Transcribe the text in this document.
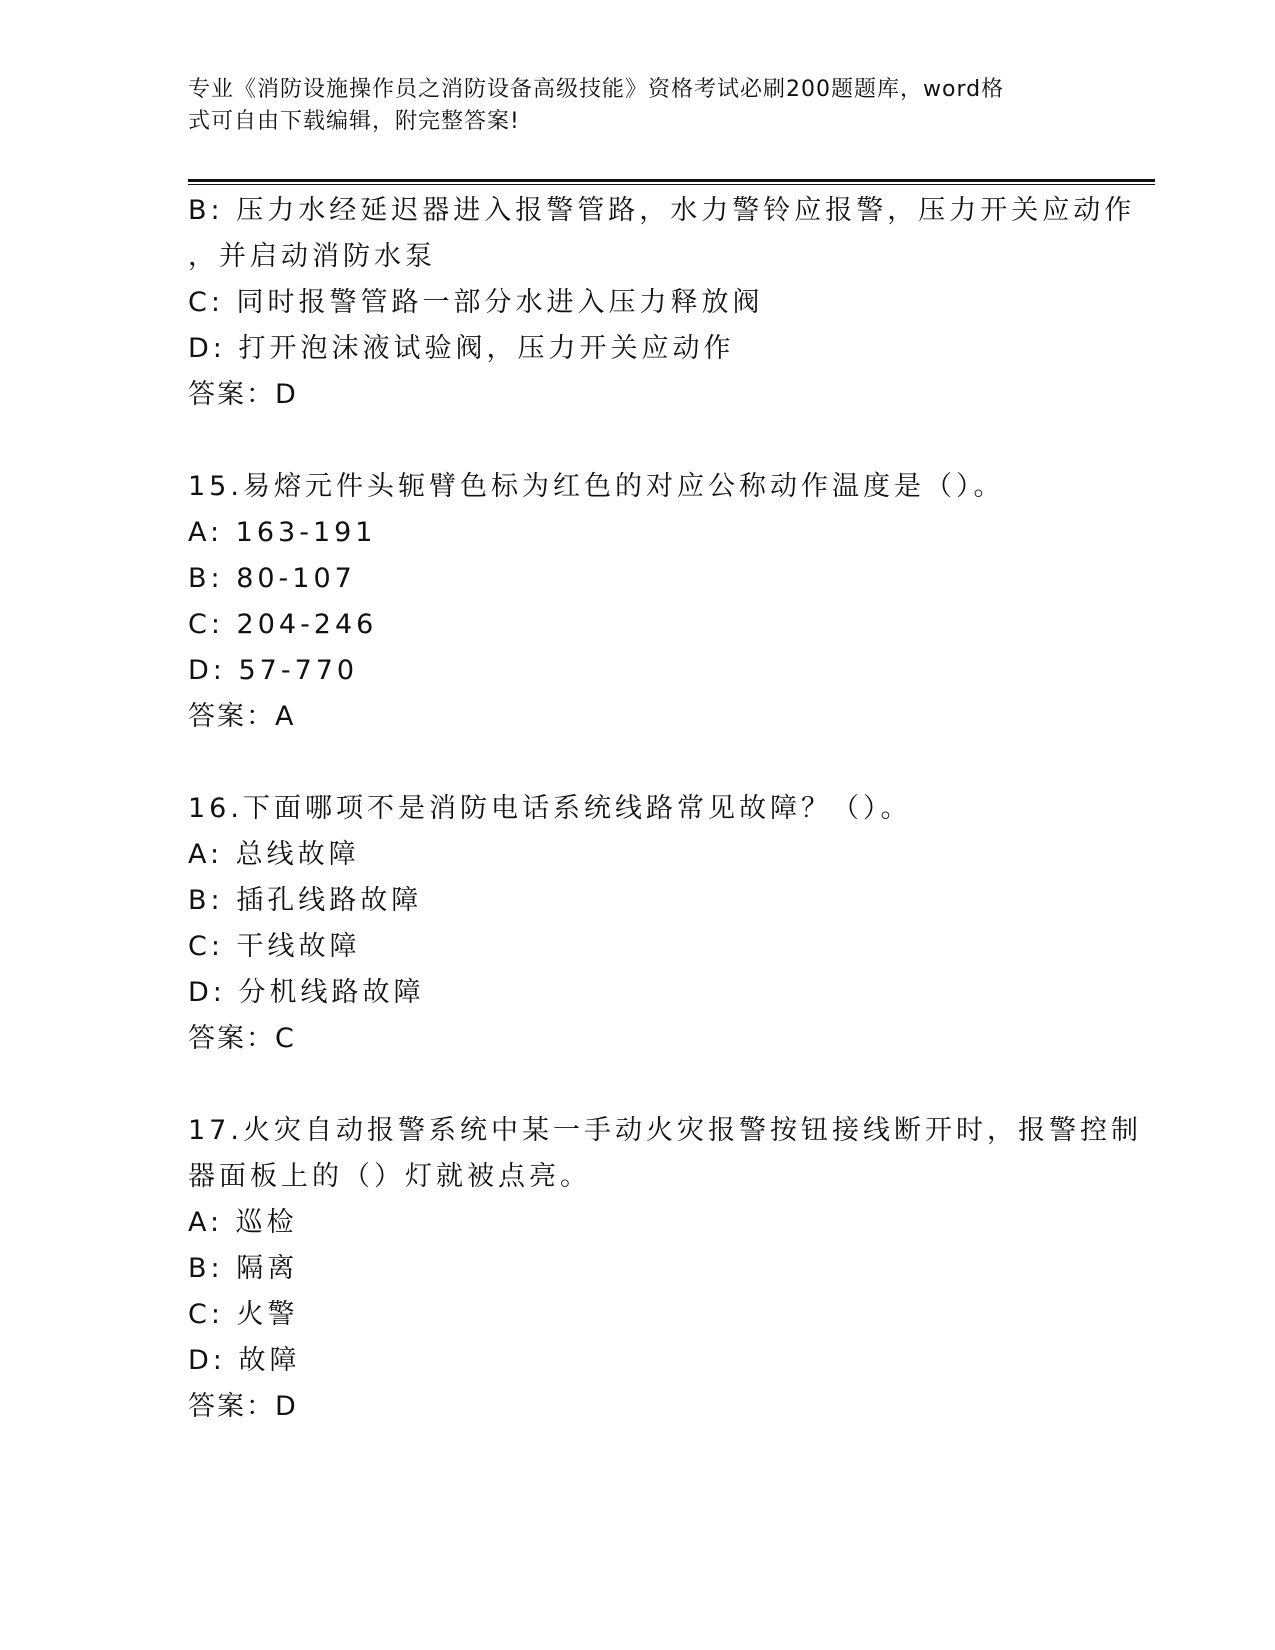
专业《消防设施操作员之消防设备高级技能》资格考试必刷200题题库，word格
式可自由下载编辑，附完整答案!
B: 压力水经延迟器进入报警管路，水力警铃应报警，压力开关应动作
，并启动消防水泵
C: 同时报警管路一部分水进入压力释放阀
D: 打开泡沫液试验阀，压力开关应动作
答案：D
15.易熔元件头轭臂色标为红色的对应公称动作温度是（）。
A: 163-191
B: 80-107
C: 204-246
D: 57-770
答案：A
16.下面哪项不是消防电话系统线路常见故障？（）。
A: 总线故障
B: 插孔线路故障
C: 干线故障
D: 分机线路故障
答案：C
17.火灾自动报警系统中某一手动火灾报警按钮接线断开时，报警控制
器面板上的（）灯就被点亮。
A: 巡检
B: 隔离
C: 火警
D: 故障
答案：D
